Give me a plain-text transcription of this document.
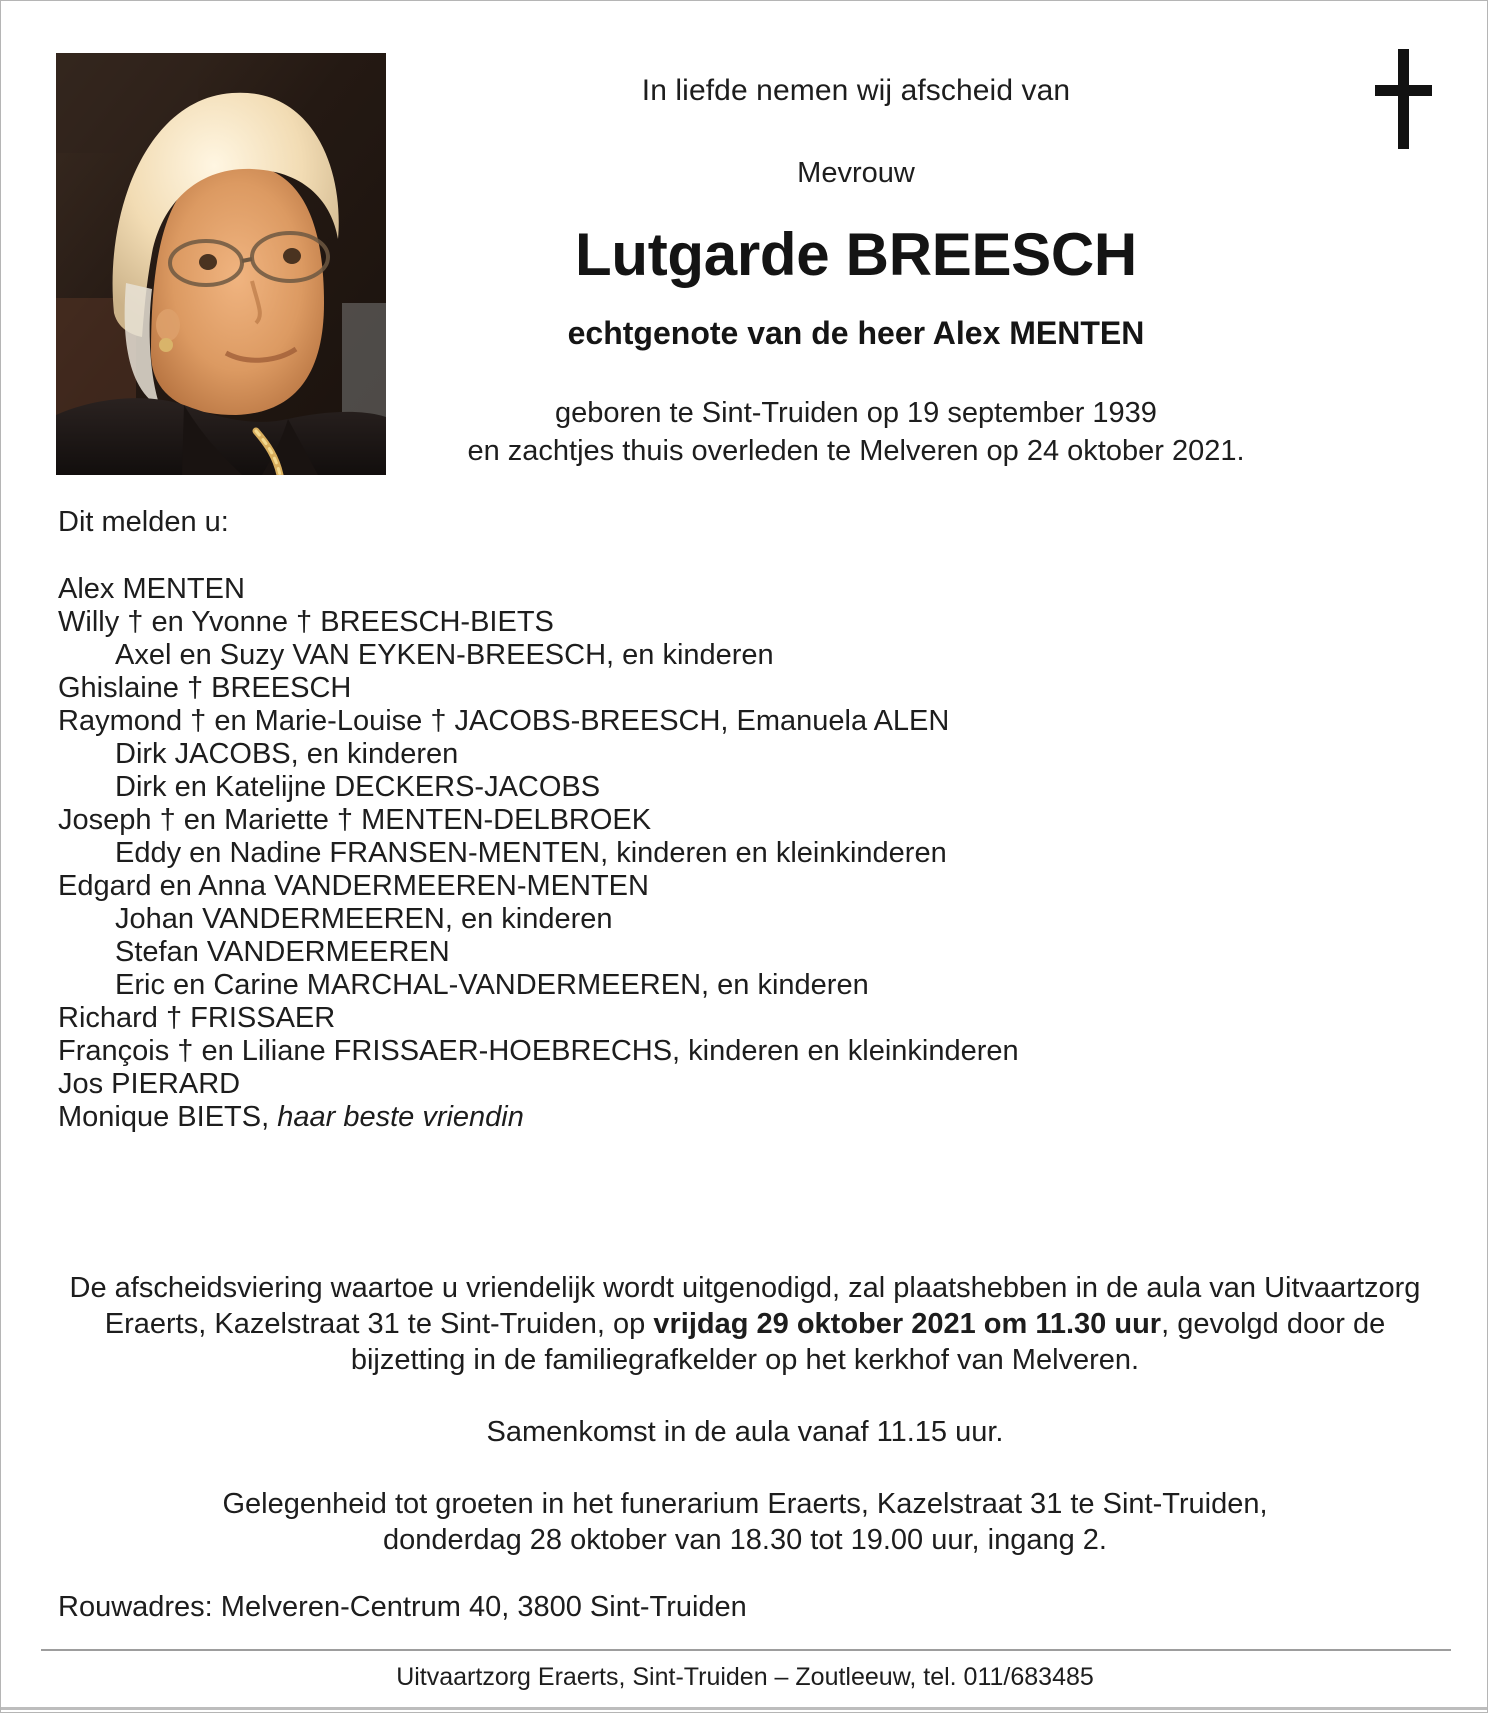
In liefde nemen wij afscheid van
Mevrouw
Lutgarde BREESCH
echtgenote van de heer Alex MENTEN
geboren te Sint-Truiden op 19 september 1939
en zachtjes thuis overleden te Melveren op 24 oktober 2021.
Dit melden u:
Alex MENTEN
Willy † en Yvonne † BREESCH-BIETS
Axel en Suzy VAN EYKEN-BREESCH, en kinderen
Ghislaine † BREESCH
Raymond † en Marie-Louise † JACOBS-BREESCH, Emanuela ALEN
Dirk JACOBS, en kinderen
Dirk en Katelijne DECKERS-JACOBS
Joseph † en Mariette † MENTEN-DELBROEK
Eddy en Nadine FRANSEN-MENTEN, kinderen en kleinkinderen
Edgard en Anna VANDERMEEREN-MENTEN
Johan VANDERMEEREN, en kinderen
Stefan VANDERMEEREN
Eric en Carine MARCHAL-VANDERMEEREN, en kinderen
Richard † FRISSAER
François † en Liliane FRISSAER-HOEBRECHS, kinderen en kleinkinderen
Jos PIERARD
Monique BIETS, haar beste vriendin
De afscheidsviering waartoe u vriendelijk wordt uitgenodigd, zal plaatshebben in de aula van Uitvaartzorg Eraerts, Kazelstraat 31 te Sint-Truiden, op vrijdag 29 oktober 2021 om 11.30 uur, gevolgd door de bijzetting in de familiegrafkelder op het kerkhof van Melveren.
Samenkomst in de aula vanaf 11.15 uur.
Gelegenheid tot groeten in het funerarium Eraerts, Kazelstraat 31 te Sint-Truiden,
donderdag 28 oktober van 18.30 tot 19.00 uur, ingang 2.
Rouwadres: Melveren-Centrum 40, 3800 Sint-Truiden
Uitvaartzorg Eraerts, Sint-Truiden – Zoutleeuw, tel. 011/683485
